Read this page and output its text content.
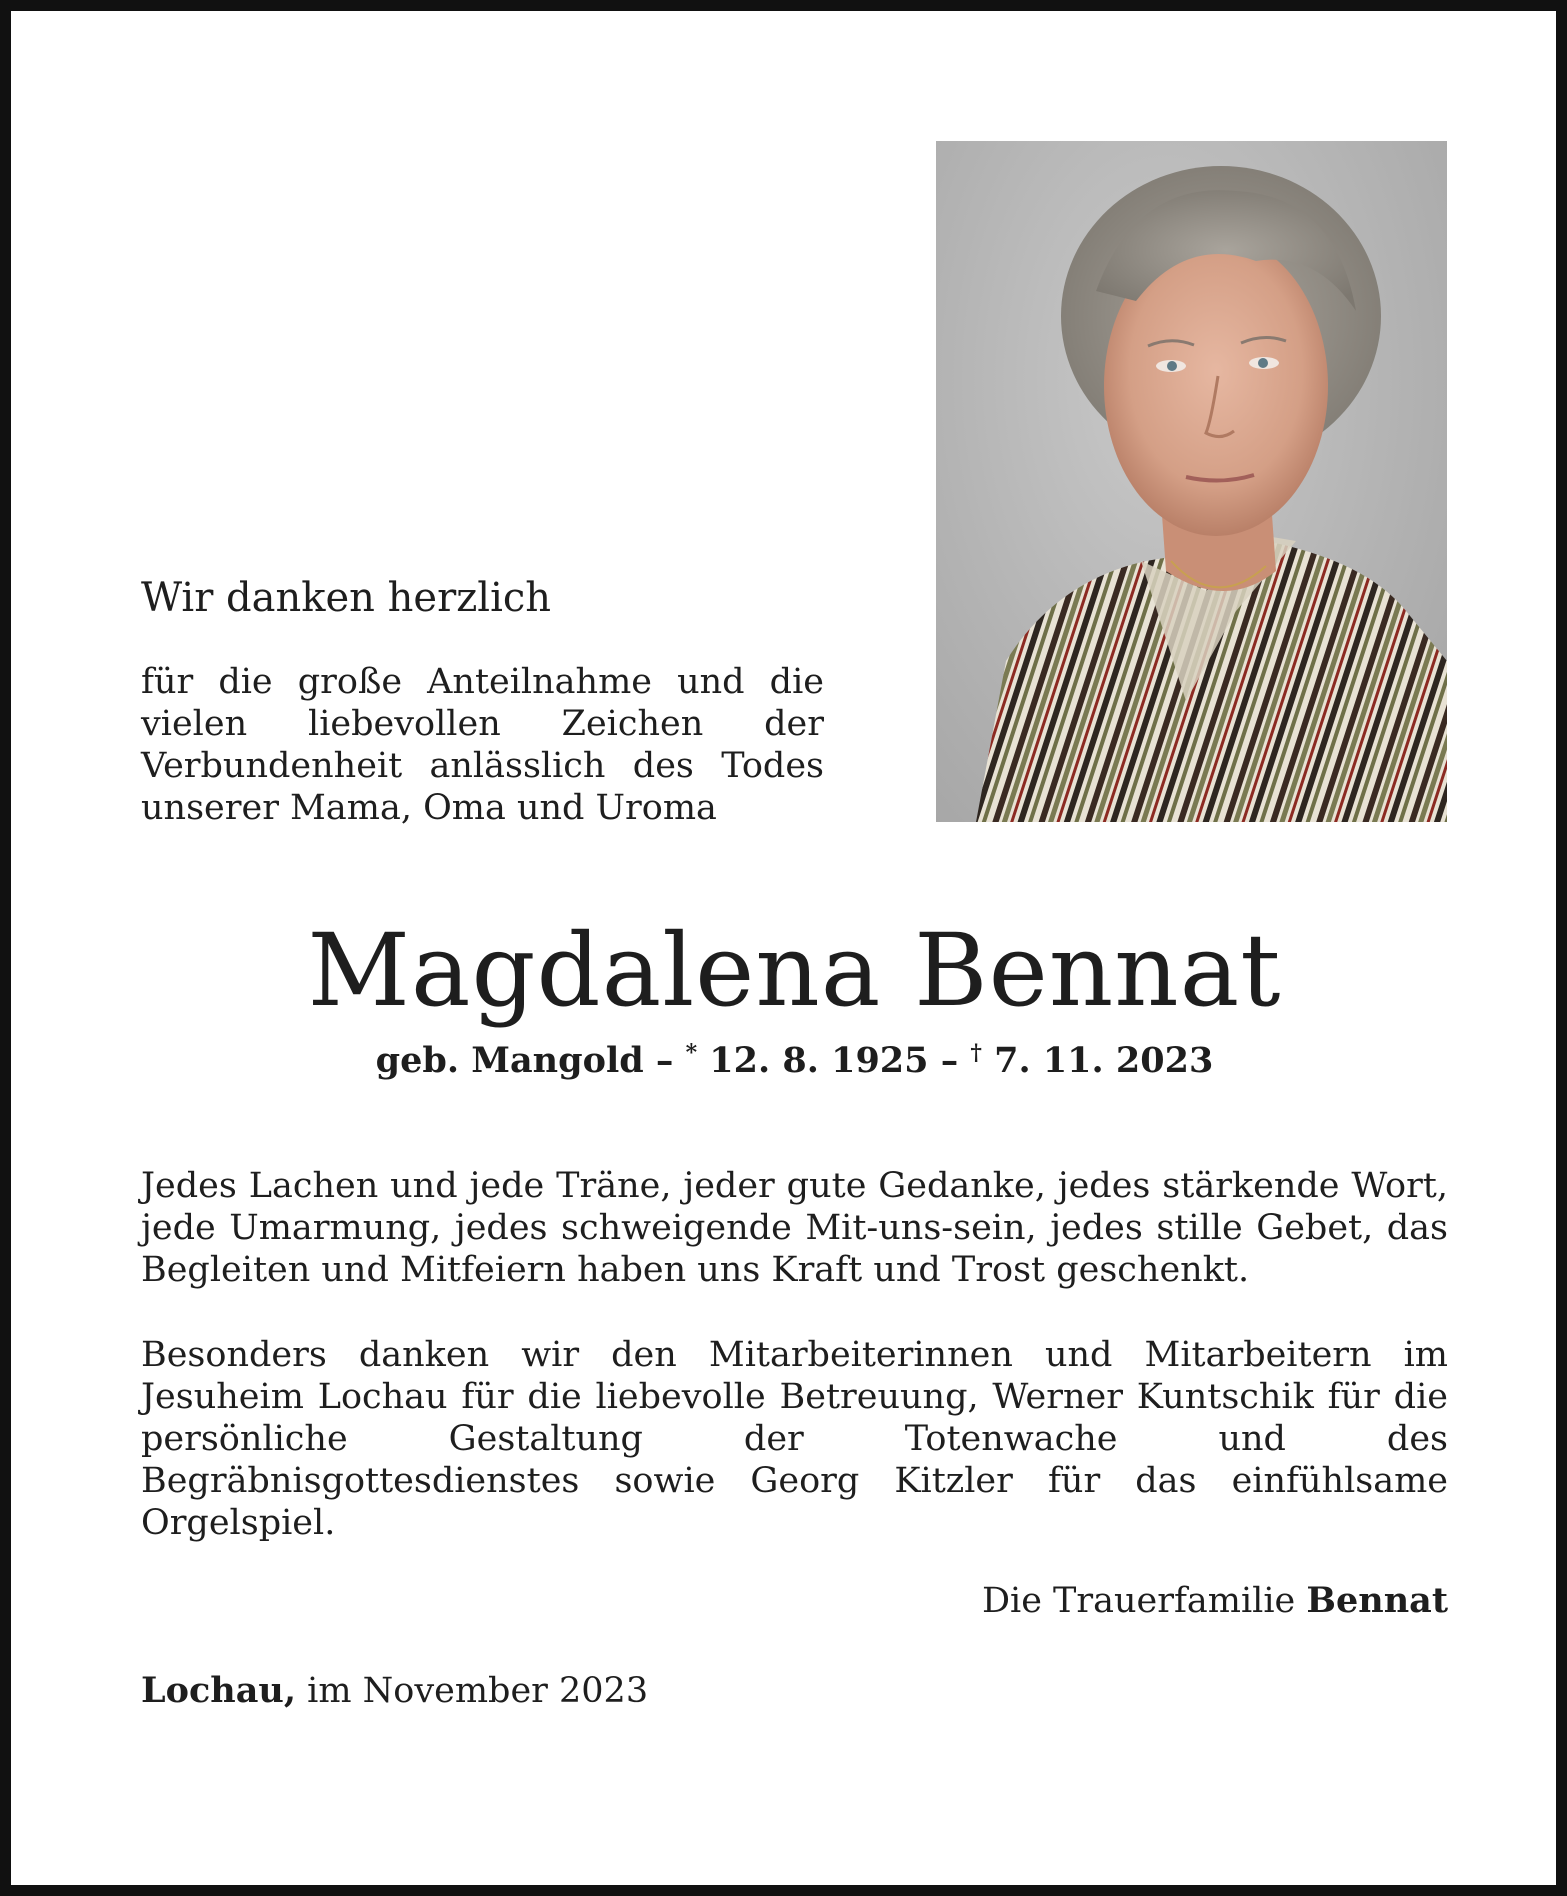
Wir danken herzlich

für die große Anteilnahme und die vielen liebevollen Zeichen der Verbundenheit anlässlich des Todes unserer Mama, Oma und Uroma

Magdalena Bennat

geb. Mangold – * 12. 8. 1925 – † 7. 11. 2023

Jedes Lachen und jede Träne, jeder gute Gedanke, jedes stärkende Wort, jede Umarmung, jedes schweigende Mit-uns-sein, jedes stille Gebet, das Begleiten und Mitfeiern haben uns Kraft und Trost geschenkt.

Besonders danken wir den Mitarbeiterinnen und Mitarbeitern im Jesuheim Lochau für die liebevolle Betreuung, Werner Kuntschik für die persönliche Gestaltung der Totenwache und des Begräbnisgottesdienstes sowie Georg Kitzler für das einfühlsame Orgelspiel.

Die Trauerfamilie Bennat

Lochau, im November 2023
